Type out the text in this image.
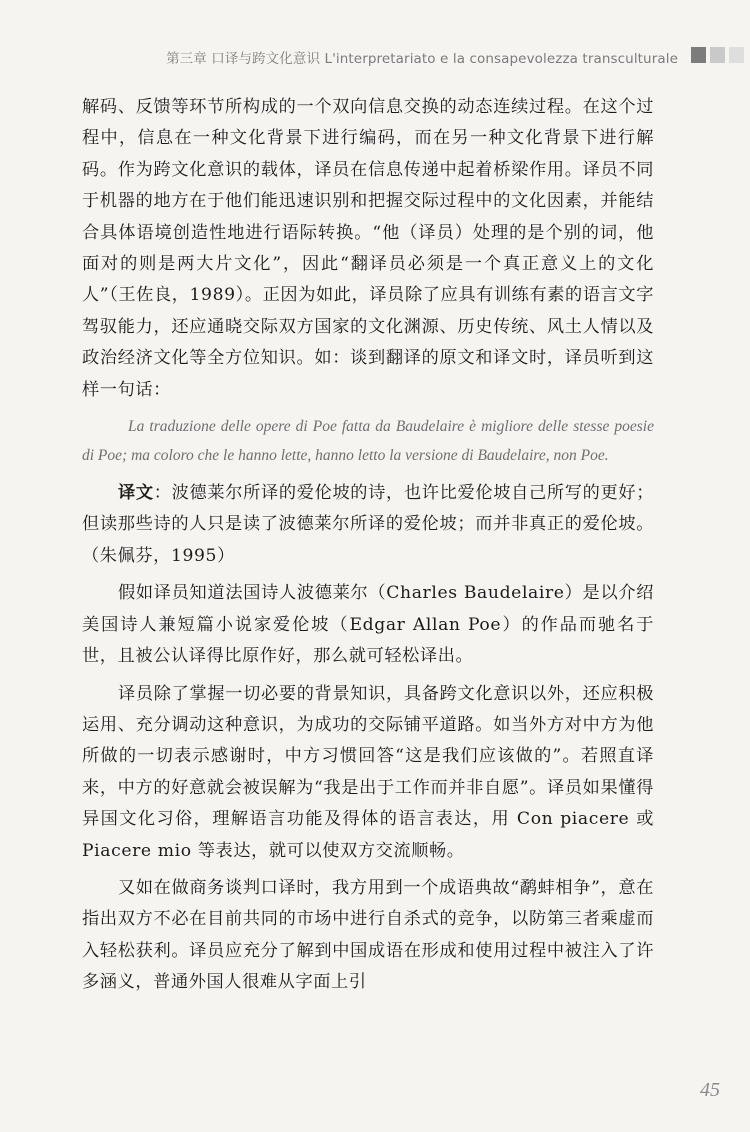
第三章 口译与跨文化意识 L'interpretariato e la consapevolezza transculturale

解码、反馈等环节所构成的一个双向信息交换的动态连续过程。在这个过程中，信息在一种文化背景下进行编码，而在另一种文化背景下进行解码。作为跨文化意识的载体，译员在信息传递中起着桥梁作用。译员不同于机器的地方在于他们能迅速识别和把握交际过程中的文化因素，并能结合具体语境创造性地进行语际转换。“他（译员）处理的是个别的词，他面对的则是两大片文化”，因此“翻译员必须是一个真正意义上的文化人”（王佐良，1989）。正因为如此，译员除了应具有训练有素的语言文字驾驭能力，还应通晓交际双方国家的文化渊源、历史传统、风土人情以及政治经济文化等全方位知识。如：谈到翻译的原文和译文时，译员听到这样一句话：

La traduzione delle opere di Poe fatta da Baudelaire è migliore delle stesse poesie di Poe; ma coloro che le hanno lette, hanno letto la versione di Baudelaire, non Poe.

译文：波德莱尔所译的爱伦坡的诗，也许比爱伦坡自己所写的更好；但读那些诗的人只是读了波德莱尔所译的爱伦坡；而并非真正的爱伦坡。（朱佩芬，1995）

假如译员知道法国诗人波德莱尔（Charles Baudelaire）是以介绍美国诗人兼短篇小说家爱伦坡（Edgar Allan Poe）的作品而驰名于世，且被公认译得比原作好，那么就可轻松译出。

译员除了掌握一切必要的背景知识，具备跨文化意识以外，还应积极运用、充分调动这种意识，为成功的交际铺平道路。如当外方对中方为他所做的一切表示感谢时，中方习惯回答“这是我们应该做的”。若照直译来，中方的好意就会被误解为“我是出于工作而并非自愿”。译员如果懂得异国文化习俗，理解语言功能及得体的语言表达，用 Con piacere 或 Piacere mio 等表达，就可以使双方交流顺畅。

又如在做商务谈判口译时，我方用到一个成语典故“鹬蚌相争”，意在指出双方不必在目前共同的市场中进行自杀式的竞争，以防第三者乘虚而入轻松获利。译员应充分了解到中国成语在形成和使用过程中被注入了许多涵义，普通外国人很难从字面上引

45
